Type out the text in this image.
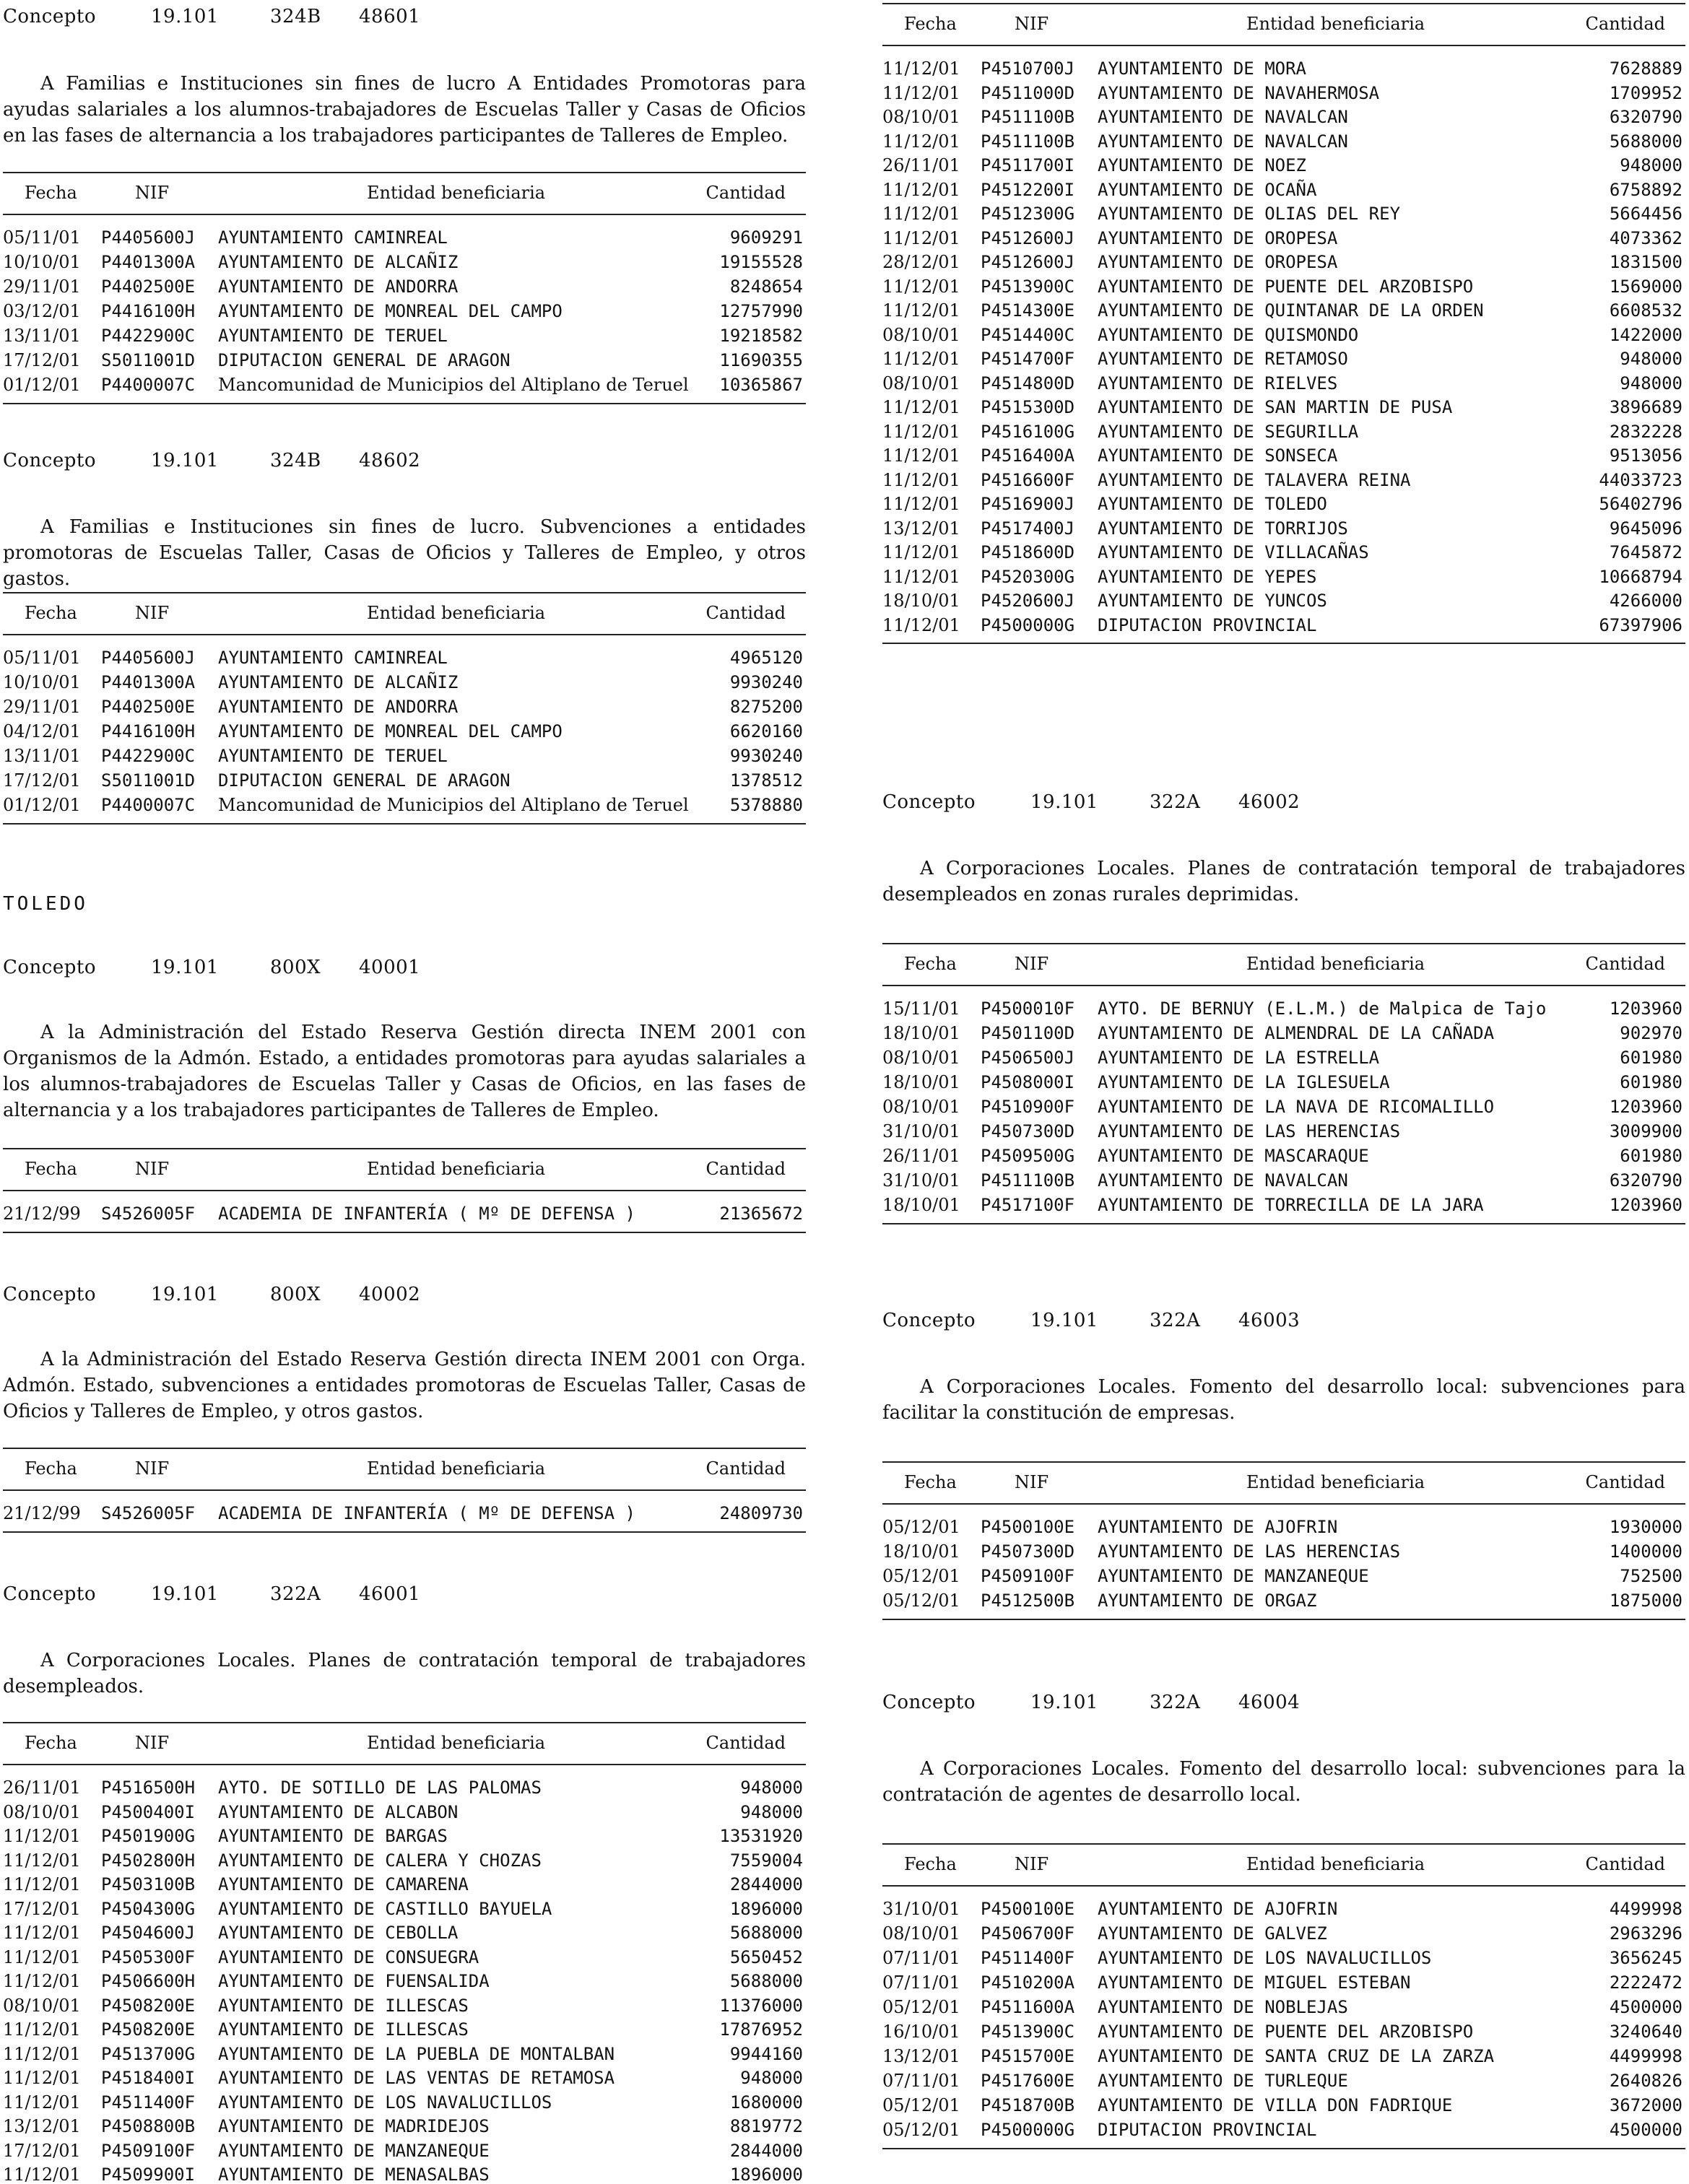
Concepto	19.101	324B 48601
A Familias e Instituciones sin fines de lucro A Entidades Promotoras para ayudas salariales a los alumnos-trabajadores de Escuelas Taller y Casas de Oficios en las fases de alternancia a los trabajadores participantes de Talleres de Empleo.
Fecha	NIF	Entidad beneficiaria	Cantidad
05/11/01 P4405600J AYUNTAMIENTO CAMINREAL	9609291
10/10/01 P4401300A AYUNTAMIENTO DE ALCAÑIZ	19155528
29/11/01 P4402500E AYUNTAMIENTO DE ANDORRA	8248654
03/12/01 P4416100H AYUNTAMIENTO DE MONREAL DEL CAMPO	12757990
13/11/01 P4422900C AYUNTAMIENTO DE TERUEL	19218582
17/12/01 S5011001D DIPUTACION GENERAL DE ARAGON	11690355
01/12/01 P4400007C Mancomunidad de Municipios del Altiplano de Teruel 10365867
Concepto	19.101	324B 48602
A Familias e Instituciones sin fines de lucro. Subvenciones a entidades promotoras de Escuelas Taller, Casas de Oficios y Talleres de Empleo, y otros gastos.
Fecha	NIF	Entidad beneficiaria	Cantidad
05/11/01 P4405600J AYUNTAMIENTO CAMINREAL	4965120
10/10/01 P4401300A AYUNTAMIENTO DE ALCAÑIZ	9930240
29/11/01 P4402500E AYUNTAMIENTO DE ANDORRA	8275200
04/12/01 P4416100H AYUNTAMIENTO DE MONREAL DEL CAMPO	6620160
13/11/01 P4422900C AYUNTAMIENTO DE TERUEL	9930240
17/12/01 S5011001D DIPUTACION GENERAL DE ARAGON	1378512
01/12/01 P4400007C Mancomunidad de Municipios del Altiplano de Teruel 5378880
TOLEDO
Concepto	19.101	800X 40001
A la Administración del Estado Reserva Gestión directa INEM 2001 con Organismos de la Admón. Estado, a entidades promotoras para ayudas salariales a los alumnos-trabajadores de Escuelas Taller y Casas de Oficios, en las fases de alternancia y a los trabajadores participantes de Talleres de Empleo.
Fecha	NIF	Entidad beneficiaria	Cantidad
21/12/99 S4526005F ACADEMIA DE INFANTERÍA ( Mº DE DEFENSA )	21365672
Concepto	19.101	800X 40002
A la Administración del Estado Reserva Gestión directa INEM 2001 con Orga. Admón. Estado, subvenciones a entidades promotoras de Escuelas Taller, Casas de Oficios y Talleres de Empleo, y otros gastos.
Fecha	NIF	Entidad beneficiaria	Cantidad
21/12/99 S4526005F ACADEMIA DE INFANTERÍA ( Mº DE DEFENSA )	24809730
Concepto	19.101	322A 46001
A Corporaciones Locales. Planes de contratación temporal de trabajadores desempleados.
Fecha	NIF	Entidad beneficiaria	Cantidad
26/11/01 P4516500H AYTO. DE SOTILLO DE LAS PALOMAS	948000
08/10/01 P4500400I AYUNTAMIENTO DE ALCABON	948000
11/12/01 P4501900G AYUNTAMIENTO DE BARGAS	13531920
11/12/01 P4502800H AYUNTAMIENTO DE CALERA Y CHOZAS	7559004
11/12/01 P4503100B AYUNTAMIENTO DE CAMARENA	2844000
17/12/01 P4504300G AYUNTAMIENTO DE CASTILLO BAYUELA	1896000
11/12/01 P4504600J AYUNTAMIENTO DE CEBOLLA	5688000
11/12/01 P4505300F AYUNTAMIENTO DE CONSUEGRA	5650452
11/12/01 P4506600H AYUNTAMIENTO DE FUENSALIDA	5688000
08/10/01 P4508200E AYUNTAMIENTO DE ILLESCAS	11376000
11/12/01 P4508200E AYUNTAMIENTO DE ILLESCAS	17876952
11/12/01 P4513700G AYUNTAMIENTO DE LA PUEBLA DE MONTALBAN	9944160
11/12/01 P4518400I AYUNTAMIENTO DE LAS VENTAS DE RETAMOSA	948000
11/12/01 P4511400F AYUNTAMIENTO DE LOS NAVALUCILLOS	1680000
13/12/01 P4508800B AYUNTAMIENTO DE MADRIDEJOS	8819772
17/12/01 P4509100F AYUNTAMIENTO DE MANZANEQUE	2844000
11/12/01 P4509900I AYUNTAMIENTO DE MENASALBAS	1896000
Fecha	NIF	Entidad beneficiaria	Cantidad
11/12/01 P4510700J AYUNTAMIENTO DE MORA	7628889
11/12/01 P4511000D AYUNTAMIENTO DE NAVAHERMOSA	1709952
08/10/01 P4511100B AYUNTAMIENTO DE NAVALCAN	6320790
11/12/01 P4511100B AYUNTAMIENTO DE NAVALCAN	5688000
26/11/01 P4511700I AYUNTAMIENTO DE NOEZ	948000
11/12/01 P4512200I AYUNTAMIENTO DE OCAÑA	6758892
11/12/01 P4512300G AYUNTAMIENTO DE OLIAS DEL REY	5664456
11/12/01 P4512600J AYUNTAMIENTO DE OROPESA	4073362
28/12/01 P4512600J AYUNTAMIENTO DE OROPESA	1831500
11/12/01 P4513900C AYUNTAMIENTO DE PUENTE DEL ARZOBISPO	1569000
11/12/01 P4514300E AYUNTAMIENTO DE QUINTANAR DE LA ORDEN	6608532
08/10/01 P4514400C AYUNTAMIENTO DE QUISMONDO	1422000
11/12/01 P4514700F AYUNTAMIENTO DE RETAMOSO	948000
08/10/01 P4514800D AYUNTAMIENTO DE RIELVES	948000
11/12/01 P4515300D AYUNTAMIENTO DE SAN MARTIN DE PUSA	3896689
11/12/01 P4516100G AYUNTAMIENTO DE SEGURILLA	2832228
11/12/01 P4516400A AYUNTAMIENTO DE SONSECA	9513056
11/12/01 P4516600F AYUNTAMIENTO DE TALAVERA REINA	44033723
11/12/01 P4516900J AYUNTAMIENTO DE TOLEDO	56402796
13/12/01 P4517400J AYUNTAMIENTO DE TORRIJOS	9645096
11/12/01 P4518600D AYUNTAMIENTO DE VILLACAÑAS	7645872
11/12/01 P4520300G AYUNTAMIENTO DE YEPES	10668794
18/10/01 P4520600J AYUNTAMIENTO DE YUNCOS	4266000
11/12/01 P4500000G DIPUTACION PROVINCIAL	67397906
Concepto	19.101	322A 46002
A Corporaciones Locales. Planes de contratación temporal de trabajadores desempleados en zonas rurales deprimidas.
Fecha	NIF	Entidad beneficiaria	Cantidad
15/11/01 P4500010F AYTO. DE BERNUY (E.L.M.) de Malpica de Tajo	1203960
18/10/01 P4501100D AYUNTAMIENTO DE ALMENDRAL DE LA CAÑADA	902970
08/10/01 P4506500J AYUNTAMIENTO DE LA ESTRELLA	601980
18/10/01 P4508000I AYUNTAMIENTO DE LA IGLESUELA	601980
08/10/01 P4510900F AYUNTAMIENTO DE LA NAVA DE RICOMALILLO	1203960
31/10/01 P4507300D AYUNTAMIENTO DE LAS HERENCIAS	3009900
26/11/01 P4509500G AYUNTAMIENTO DE MASCARAQUE	601980
31/10/01 P4511100B AYUNTAMIENTO DE NAVALCAN	6320790
18/10/01 P4517100F AYUNTAMIENTO DE TORRECILLA DE LA JARA	1203960
Concepto	19.101	322A 46003
A Corporaciones Locales. Fomento del desarrollo local: subvenciones para facilitar la constitución de empresas.
Fecha	NIF	Entidad beneficiaria	Cantidad
05/12/01 P4500100E AYUNTAMIENTO DE AJOFRIN	1930000
18/10/01 P4507300D AYUNTAMIENTO DE LAS HERENCIAS	1400000
05/12/01 P4509100F AYUNTAMIENTO DE MANZANEQUE	752500
05/12/01 P4512500B AYUNTAMIENTO DE ORGAZ	1875000
Concepto	19.101	322A 46004
A Corporaciones Locales. Fomento del desarrollo local: subvenciones para la contratación de agentes de desarrollo local.
Fecha	NIF	Entidad beneficiaria	Cantidad
31/10/01 P4500100E AYUNTAMIENTO DE AJOFRIN	4499998
08/10/01 P4506700F AYUNTAMIENTO DE GALVEZ	2963296
07/11/01 P4511400F AYUNTAMIENTO DE LOS NAVALUCILLOS	3656245
07/11/01 P4510200A AYUNTAMIENTO DE MIGUEL ESTEBAN	2222472
05/12/01 P4511600A AYUNTAMIENTO DE NOBLEJAS	4500000
16/10/01 P4513900C AYUNTAMIENTO DE PUENTE DEL ARZOBISPO	3240640
13/12/01 P4515700E AYUNTAMIENTO DE SANTA CRUZ DE LA ZARZA	4499998
07/11/01 P4517600E AYUNTAMIENTO DE TURLEQUE	2640826
05/12/01 P4518700B AYUNTAMIENTO DE VILLA DON FADRIQUE	3672000
05/12/01 P4500000G DIPUTACION PROVINCIAL	4500000
